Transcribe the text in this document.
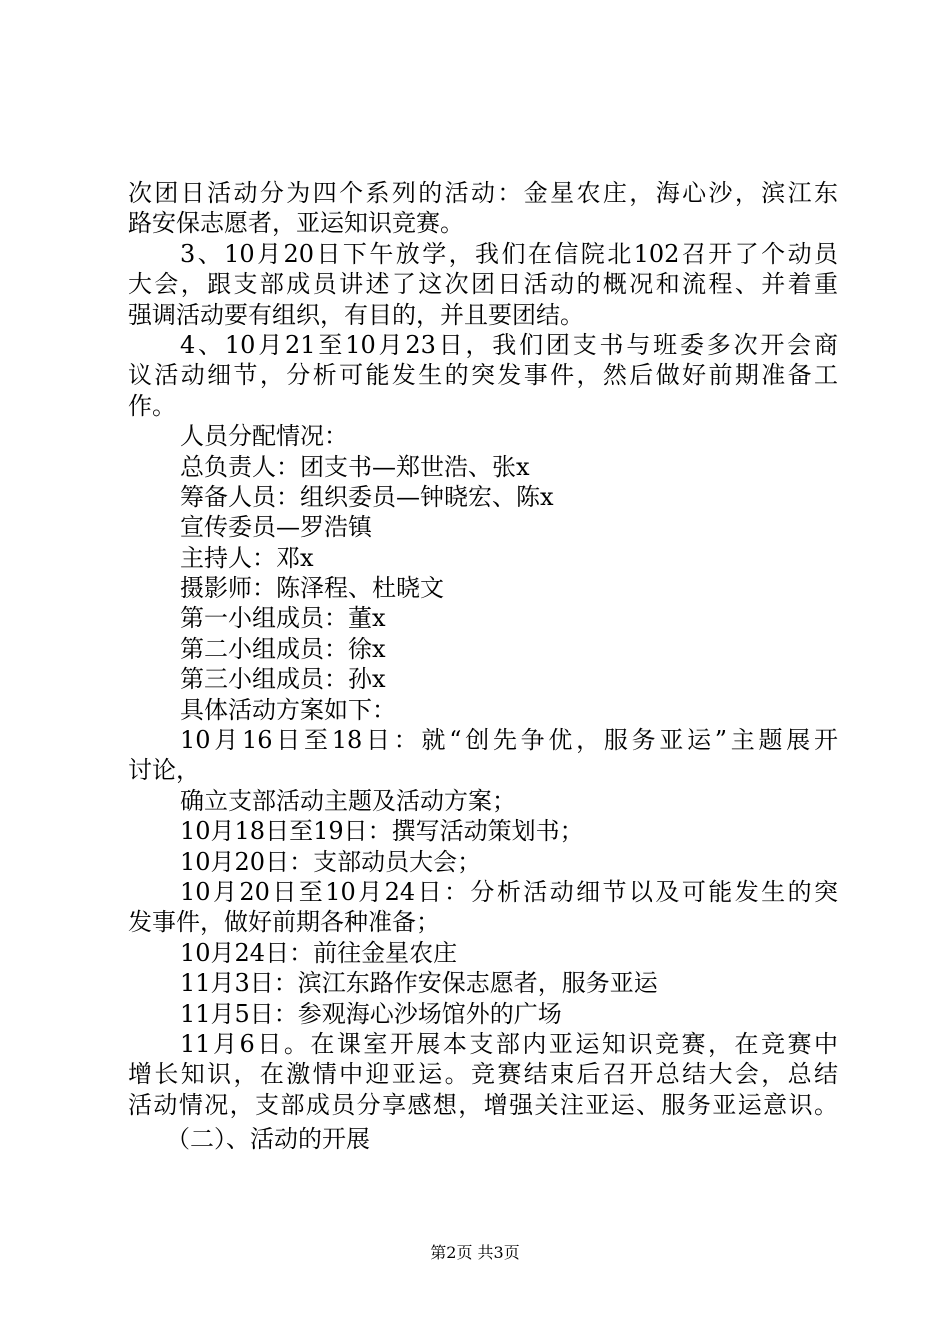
次团日活动分为四个系列的活动：金星农庄，海心沙，滨江东
路安保志愿者，亚运知识竞赛。
3、10月20日下午放学，我们在信院北102召开了个动员
大会，跟支部成员讲述了这次团日活动的概况和流程、并着重
强调活动要有组织，有目的，并且要团结。
4、10月21至10月23日，我们团支书与班委多次开会商
议活动细节，分析可能发生的突发事件，然后做好前期准备工
作。
人员分配情况：
总负责人：团支书—郑世浩、张x
筹备人员：组织委员—钟晓宏、陈x
宣传委员—罗浩镇
主持人：邓x
摄影师：陈泽程、杜晓文
第一小组成员：董x
第二小组成员：徐x
第三小组成员：孙x
具体活动方案如下：
10月16日至18日：就“创先争优，服务亚运”主题展开
讨论，
确立支部活动主题及活动方案；
10月18日至19日：撰写活动策划书；
10月20日：支部动员大会；
10月20日至10月24日：分析活动细节以及可能发生的突
发事件，做好前期各种准备；
10月24日：前往金星农庄
11月3日：滨江东路作安保志愿者，服务亚运
11月5日：参观海心沙场馆外的广场
11月6日。在课室开展本支部内亚运知识竞赛，在竞赛中
增长知识，在激情中迎亚运。竞赛结束后召开总结大会，总结
活动情况，支部成员分享感想，增强关注亚运、服务亚运意识。
（二）、活动的开展
第2页 共3页
